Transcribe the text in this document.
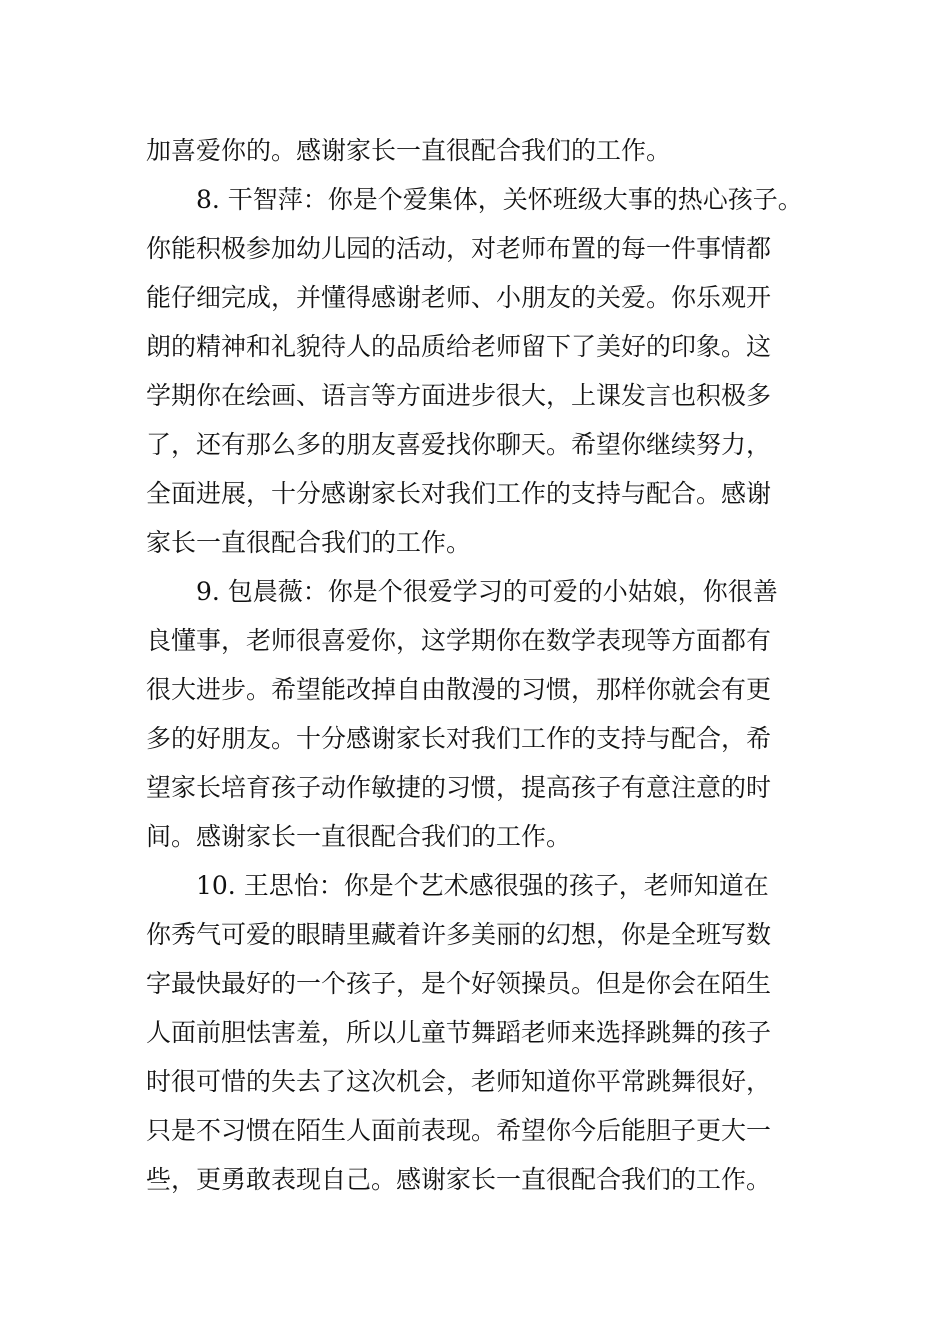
加喜爱你的。感谢家长一直很配合我们的工作。
8. 干智萍：你是个爱集体，关怀班级大事的热心孩子。
你能积极参加幼儿园的活动，对老师布置的每一件事情都
能仔细完成，并懂得感谢老师、小朋友的关爱。你乐观开
朗的精神和礼貌待人的品质给老师留下了美好的印象。这
学期你在绘画、语言等方面进步很大，上课发言也积极多
了，还有那么多的朋友喜爱找你聊天。希望你继续努力，
全面进展，十分感谢家长对我们工作的支持与配合。感谢
家长一直很配合我们的工作。
9. 包晨薇：你是个很爱学习的可爱的小姑娘，你很善
良懂事，老师很喜爱你，这学期你在数学表现等方面都有
很大进步。希望能改掉自由散漫的习惯，那样你就会有更
多的好朋友。十分感谢家长对我们工作的支持与配合，希
望家长培育孩子动作敏捷的习惯，提高孩子有意注意的时
间。感谢家长一直很配合我们的工作。
10. 王思怡：你是个艺术感很强的孩子，老师知道在
你秀气可爱的眼睛里藏着许多美丽的幻想，你是全班写数
字最快最好的一个孩子，是个好领操员。但是你会在陌生
人面前胆怯害羞，所以儿童节舞蹈老师来选择跳舞的孩子
时很可惜的失去了这次机会，老师知道你平常跳舞很好，
只是不习惯在陌生人面前表现。希望你今后能胆子更大一
些，更勇敢表现自己。感谢家长一直很配合我们的工作。
